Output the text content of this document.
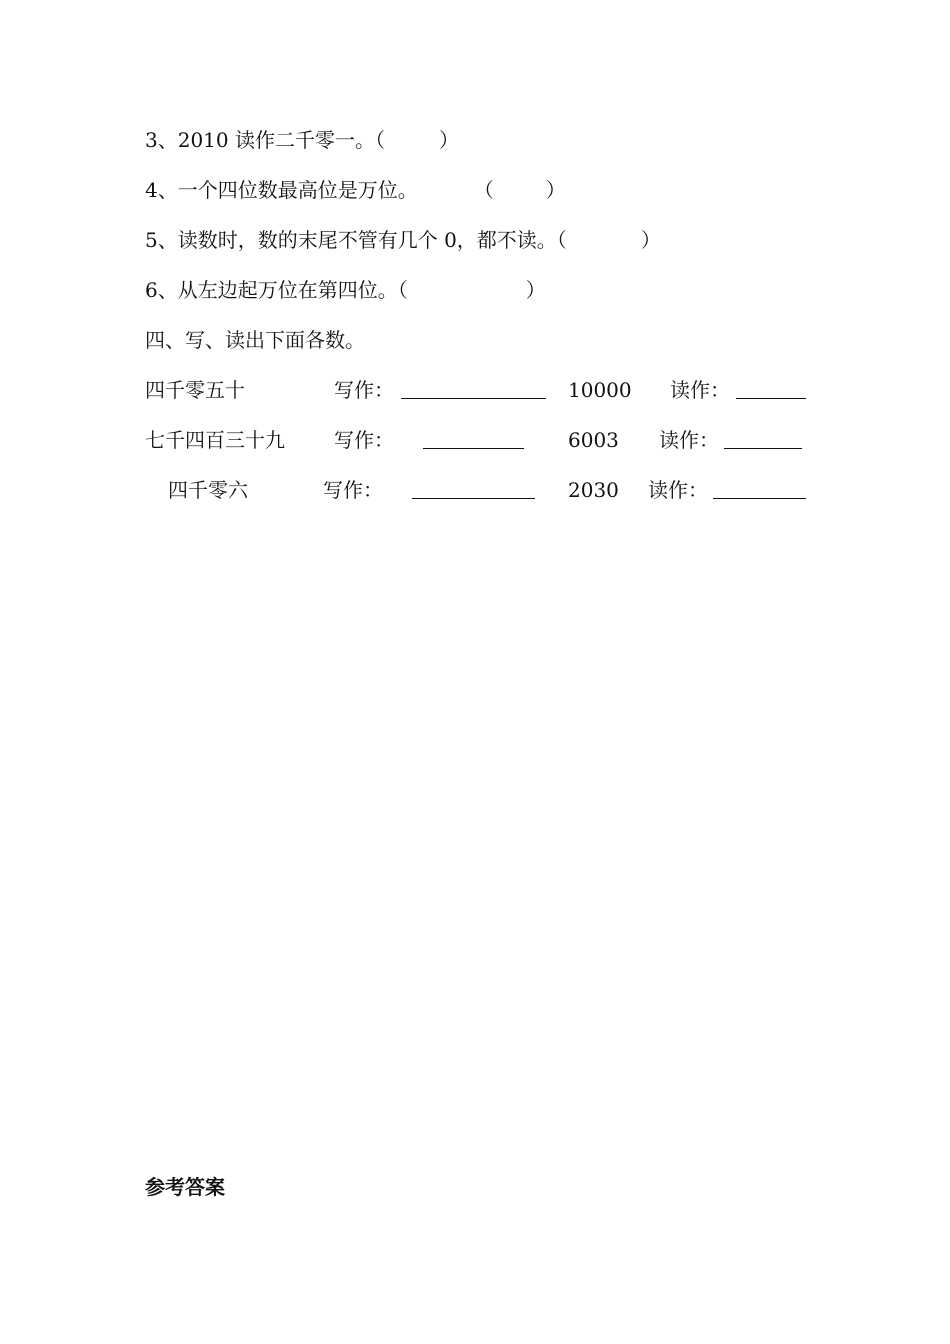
3、2010 读作二千零一。（	）
4、一个四位数最高位是万位。	（	）
5、读数时，数的末尾不管有几个 0，都不读。（	）
6、从左边起万位在第四位。（	）
四、写、读出下面各数。
四千零五十	写作：	10000 读作：
七千四百三十九 写作：	6003 读作：
四千零六	写作：	2030 读作：
参考答案
